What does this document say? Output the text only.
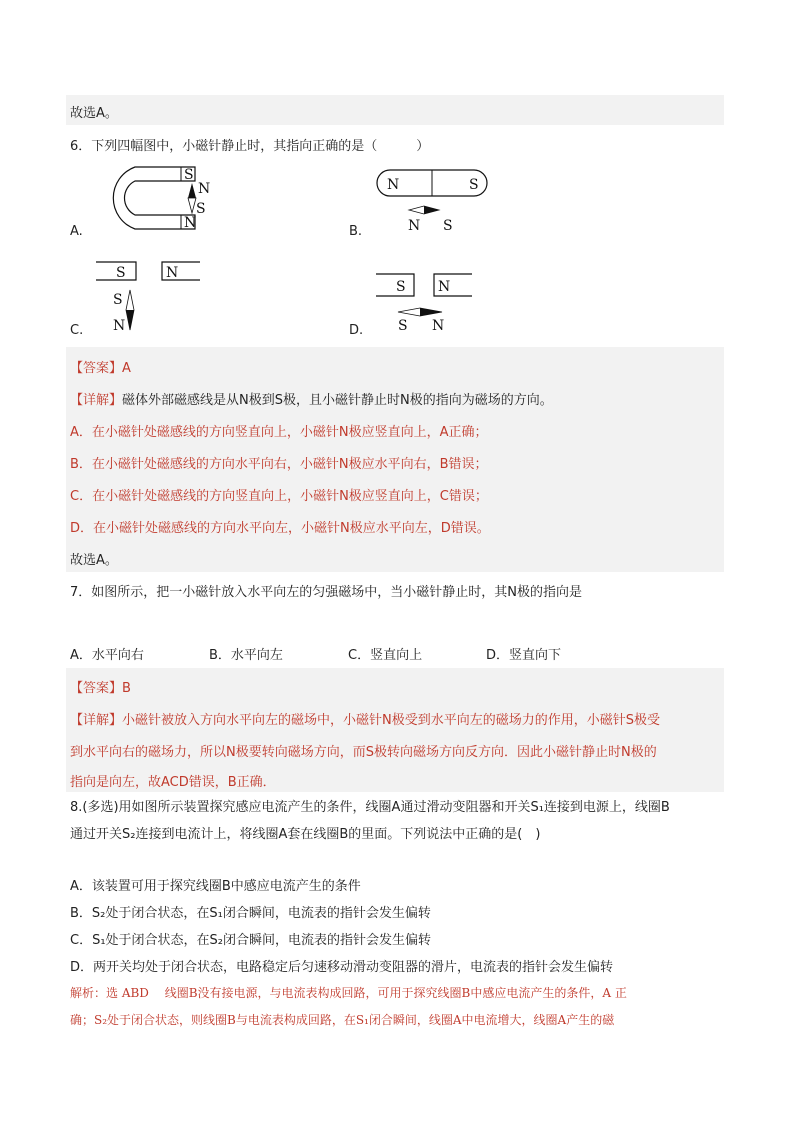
故选A。
6．下列四幅图中，小磁针静止时，其指向正确的是（　　　）
S
N
N
S
A.
N	S
N S
B.
S	N
S
N
C.
S N
S N
D.
【答案】A
【详解】磁体外部磁感线是从N极到S极，且小磁针静止时N极的指向为磁场的方向。
A．在小磁针处磁感线的方向竖直向上，小磁针N极应竖直向上，A正确；
B．在小磁针处磁感线的方向水平向右，小磁针N极应水平向右，B错误；
C．在小磁针处磁感线的方向竖直向上，小磁针N极应竖直向上，C错误；
D．在小磁针处磁感线的方向水平向左，小磁针N极应水平向左，D错误。
故选A。
7．如图所示，把一小磁针放入水平向左的匀强磁场中，当小磁针静止时，其N极的指向是
A．水平向右	B．水平向左	C．竖直向上	D．竖直向下
【答案】B
【详解】小磁针被放入方向水平向左的磁场中，小磁针N极受到水平向左的磁场力的作用，小磁针S极受
到水平向右的磁场力，所以N极要转向磁场方向，而S极转向磁场方向反方向．因此小磁针静止时N极的
指向是向左，故ACD错误，B正确．
8.(多选)用如图所示装置探究感应电流产生的条件，线圈A通过滑动变阻器和开关S₁连接到电源上，线圈B
通过开关S₂连接到电流计上，将线圈A套在线圈B的里面。下列说法中正确的是(　)
A．该装置可用于探究线圈B中感应电流产生的条件
B．S₂处于闭合状态，在S₁闭合瞬间，电流表的指针会发生偏转
C．S₁处于闭合状态，在S₂闭合瞬间，电流表的指针会发生偏转
D．两开关均处于闭合状态，电路稳定后匀速移动滑动变阻器的滑片，电流表的指针会发生偏转
解析：选 ABD　 线圈B没有接电源，与电流表构成回路，可用于探究线圈B中感应电流产生的条件，A 正
确；S₂处于闭合状态，则线圈B与电流表构成回路，在S₁闭合瞬间，线圈A中电流增大，线圈A产生的磁
